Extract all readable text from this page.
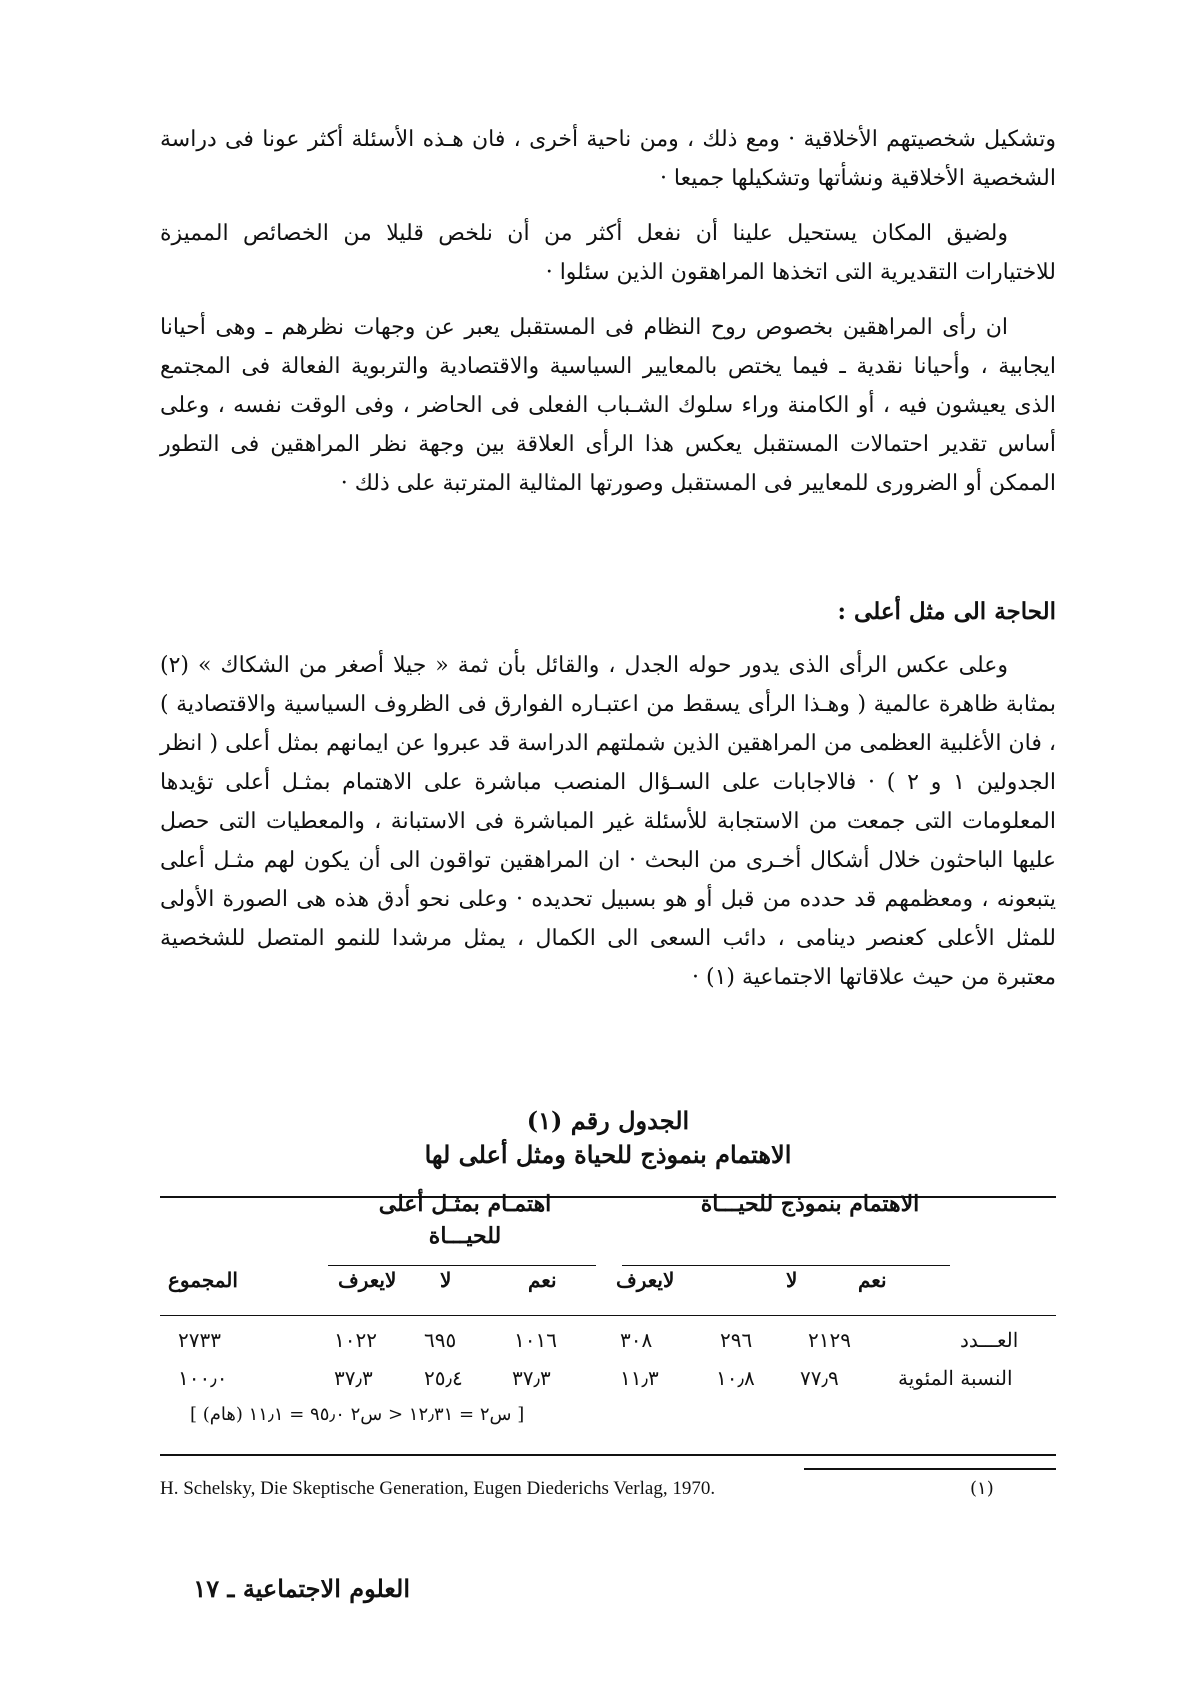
وتشكيل شخصيتهم الأخلاقية · ومع ذلك ، ومن ناحية أخرى ، فان هـذه الأسئلة أكثر عونا فى دراسة الشخصية الأخلاقية ونشأتها وتشكيلها جميعا ·

ولضيق المكان يستحيل علينا أن نفعل أكثر من أن نلخص قليلا من الخصائص المميزة للاختيارات التقديرية التى اتخذها المراهقون الذين سئلوا ·

ان رأى المراهقين بخصوص روح النظام فى المستقبل يعبر عن وجهات نظرهم ـ وهى أحيانا ايجابية ، وأحيانا نقدية ـ فيما يختص بالمعايير السياسية والاقتصادية والتربوية الفعالة فى المجتمع الذى يعيشون فيه ، أو الكامنة وراء سلوك الشـباب الفعلى فى الحاضر ، وفى الوقت نفسه ، وعلى أساس تقدير احتمالات المستقبل يعكس هذا الرأى العلاقة بين وجهة نظر المراهقين فى التطور الممكن أو الضرورى للمعايير فى المستقبل وصورتها المثالية المترتبة على ذلك ·

الحاجة الى مثل أعلى :

وعلى عكس الرأى الذى يدور حوله الجدل ، والقائل بأن ثمة « جيلا أصغر من الشكاك » (٢) بمثابة ظاهرة عالمية ( وهـذا الرأى يسقط من اعتبـاره الفوارق فى الظروف السياسية والاقتصادية ) ، فان الأغلبية العظمى من المراهقين الذين شملتهم الدراسة قد عبروا عن ايمانهم بمثل أعلى ( انظر الجدولين ١ و ٢ ) · فالاجابات على السـؤال المنصب مباشرة على الاهتمام بمثـل أعلى تؤيدها المعلومات التى جمعت من الاستجابة للأسئلة غير المباشرة فى الاستبانة ، والمعطيات التى حصل عليها الباحثون خلال أشكال أخـرى من البحث · ان المراهقين تواقون الى أن يكون لهم مثـل أعلى يتبعونه ، ومعظمهم قد حدده من قبل أو هو بسبيل تحديده · وعلى نحو أدق هذه هى الصورة الأولى للمثل الأعلى كعنصر دينامى ، دائب السعى الى الكمال ، يمثل مرشدا للنمو المتصل للشخصية معتبرة من حيث علاقاتها الاجتماعية (١) ·

الجدول رقم (١)
الاهتمام بنموذج للحياة ومثل أعلى لها
الاهتمام بنموذج للحيـــاة
اهتمـام بمثـل أعلى للحيـــاة
نعم
لا
لايعرف
نعم
لا
لايعرف
المجموع
العـــدد
٢١٢٩
٢٩٦
٣٠٨
١٠١٦
٦٩٥
١٠٢٢
٢٧٣٣
النسبة المئوية
٧٧٫٩
١٠٫٨
١١٫٣
٣٧٫٣
٢٥٫٤
٣٧٫٣
١٠٠٫٠
[ س٢ = ١٢٫٣١ < س٢ ٩٥٫٠ = ١١٫١ (هام) ]
H. Schelsky, Die Skeptische Generation, Eugen Diederichs Verlag, 1970.	(١)
العلوم الاجتماعية ـ ١٧
